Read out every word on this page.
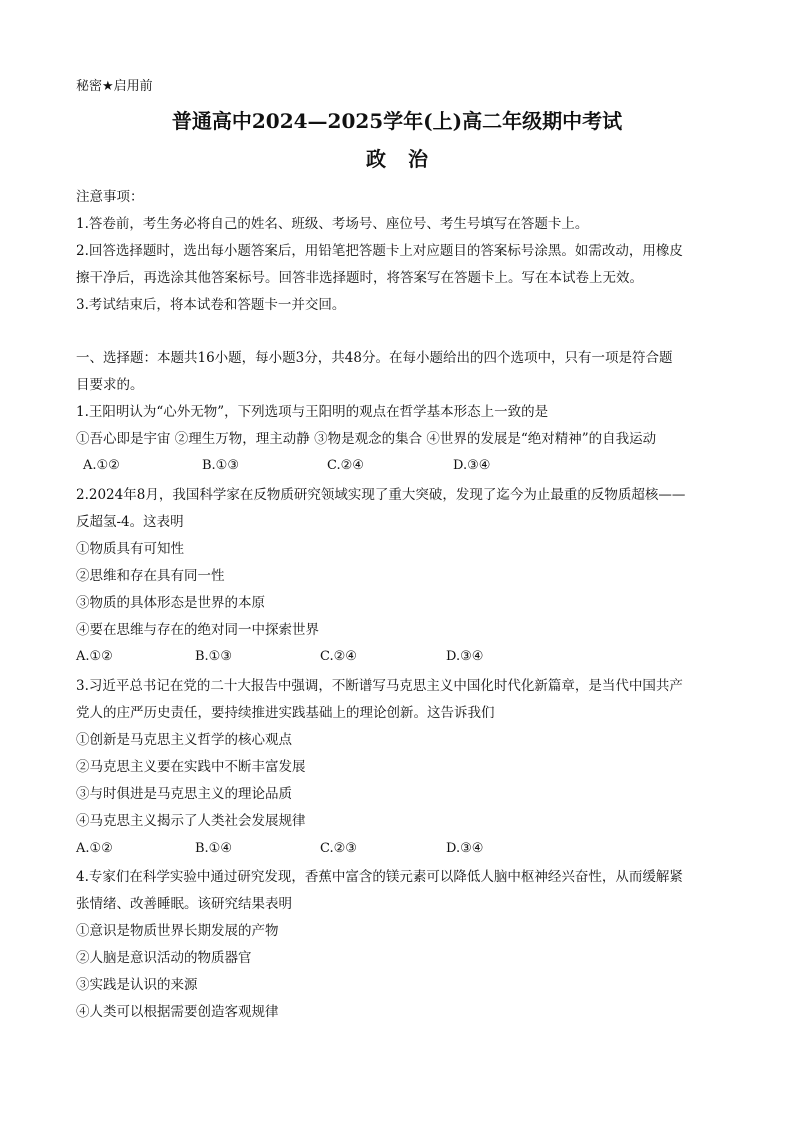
秘密★启用前
普通高中2024—2025学年(上)高二年级期中考试
政治
注意事项：
1.答卷前，考生务必将自己的姓名、班级、考场号、座位号、考生号填写在答题卡上。
2.回答选择题时，选出每小题答案后，用铅笔把答题卡上对应题目的答案标号涂黑。如需改动，用橡皮
擦干净后，再选涂其他答案标号。回答非选择题时，将答案写在答题卡上。写在本试卷上无效。
3.考试结束后，将本试卷和答题卡一并交回。
一、选择题：本题共16小题，每小题3分，共48分。在每小题给出的四个选项中，只有一项是符合题
目要求的。
1.王阳明认为“心外无物”，下列选项与王阳明的观点在哲学基本形态上一致的是
①吾心即是宇宙 ②理生万物，理主动静 ③物是观念的集合 ④世界的发展是“绝对精神”的自我运动
A.①②	B.①③	C.②④	D.③④
2.2024年8月，我国科学家在反物质研究领域实现了重大突破，发现了迄今为止最重的反物质超核——
反超氢-4。这表明
①物质具有可知性
②思维和存在具有同一性
③物质的具体形态是世界的本原
④要在思维与存在的绝对同一中探索世界
A.①②	B.①③	C.②④	D.③④
3.习近平总书记在党的二十大报告中强调，不断谱写马克思主义中国化时代化新篇章，是当代中国共产
党人的庄严历史责任，要持续推进实践基础上的理论创新。这告诉我们
①创新是马克思主义哲学的核心观点
②马克思主义要在实践中不断丰富发展
③与时俱进是马克思主义的理论品质
④马克思主义揭示了人类社会发展规律
A.①②	B.①④	C.②③	D.③④
4.专家们在科学实验中通过研究发现，香蕉中富含的镁元素可以降低人脑中枢神经兴奋性，从而缓解紧
张情绪、改善睡眠。该研究结果表明
①意识是物质世界长期发展的产物
②人脑是意识活动的物质器官
③实践是认识的来源
④人类可以根据需要创造客观规律
